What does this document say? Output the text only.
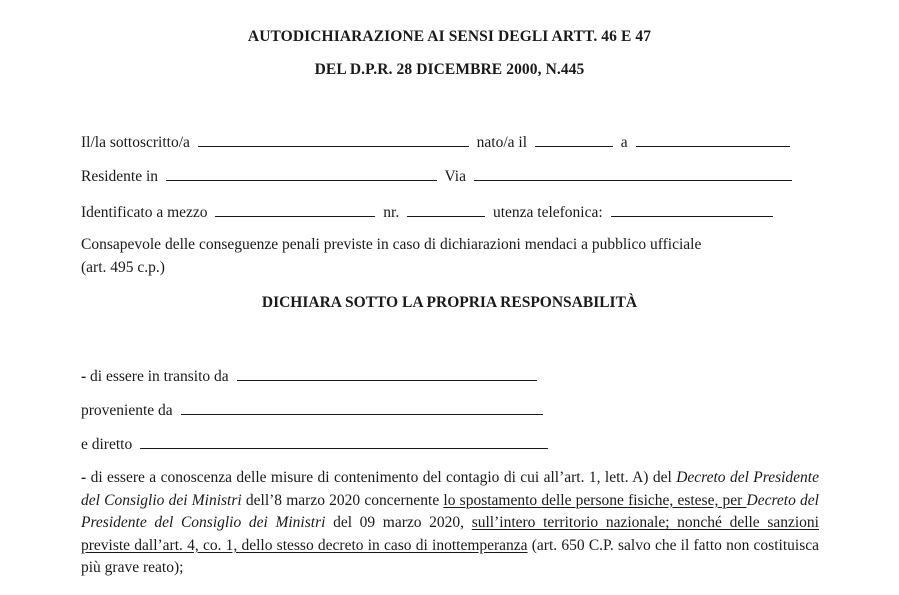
AUTODICHIARAZIONE AI SENSI DEGLI ARTT. 46 E 47
DEL D.P.R. 28 DICEMBRE 2000, N.445
Il/la sottoscritto/a	nato/a il	a
Residente in	Via
Identificato a mezzo	nr.	utenza telefonica:
Consapevole delle conseguenze penali previste in caso di dichiarazioni mendaci a pubblico ufficiale
(art. 495 c.p.)
DICHIARA SOTTO LA PROPRIA RESPONSABILITÀ
- di essere in transito da
proveniente da
e diretto

- di essere a conoscenza delle misure di contenimento del contagio di cui all’art. 1, lett. A) del Decreto del Presidente del Consiglio dei Ministri dell’8 marzo 2020 concernente lo spostamento delle persone fisiche, estese, per Decreto del Presidente del Consiglio dei Ministri del 09 marzo 2020, sull’intero territorio nazionale; nonché delle sanzioni previste dall’art. 4, co. 1, dello stesso decreto in caso di inottemperanza (art. 650 C.P. salvo che il fatto non costituisca più grave reato);
